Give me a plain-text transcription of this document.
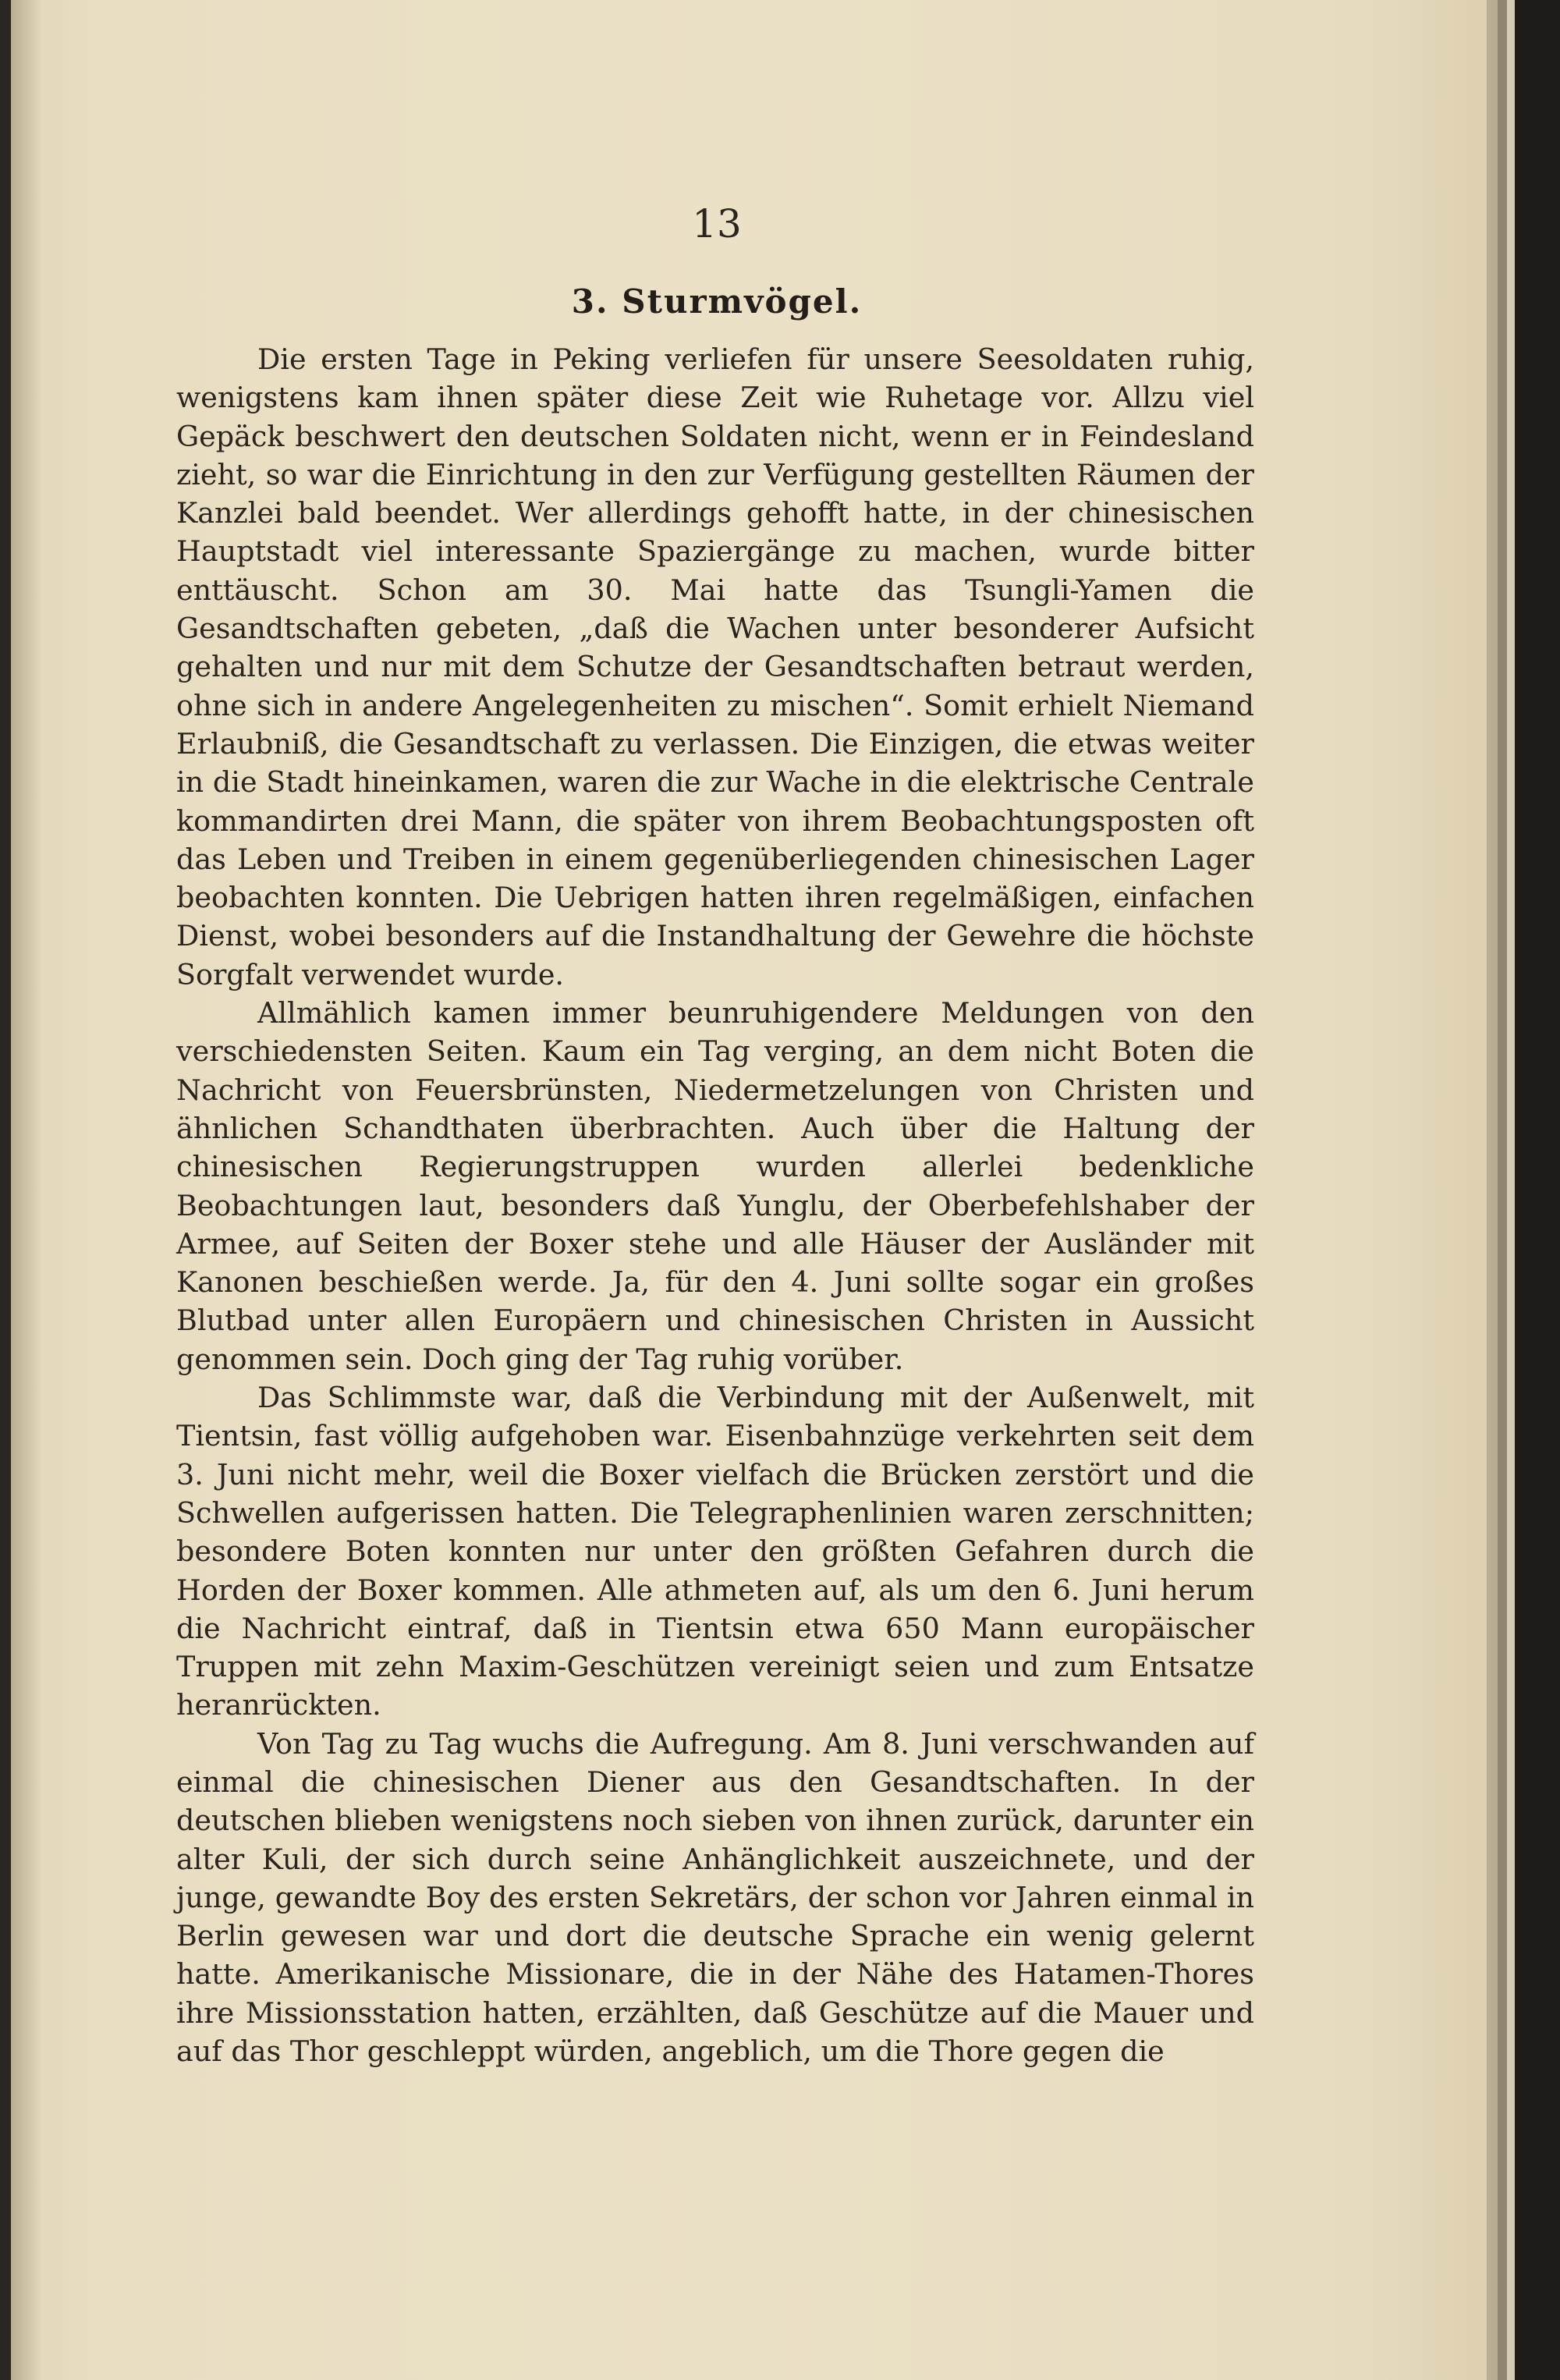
13
3. Sturmvögel.

Die ersten Tage in Peking verliefen für unsere Seesoldaten ruhig, wenigstens kam ihnen später diese Zeit wie Ruhetage vor. Allzu viel Gepäck beschwert den deutschen Soldaten nicht, wenn er in Feindesland zieht, so war die Einrichtung in den zur Verfügung gestellten Räumen der Kanzlei bald beendet. Wer allerdings gehofft hatte, in der chinesischen Hauptstadt viel interessante Spaziergänge zu machen, wurde bitter enttäuscht. Schon am 30. Mai hatte das Tsungli-Yamen die Gesandtschaften gebeten, „daß die Wachen unter besonderer Aufsicht gehalten und nur mit dem Schutze der Gesandtschaften betraut werden, ohne sich in andere Angelegenheiten zu mischen“. Somit erhielt Niemand Erlaubniß, die Gesandtschaft zu verlassen. Die Einzigen, die etwas weiter in die Stadt hineinkamen, waren die zur Wache in die elektrische Centrale kommandirten drei Mann, die später von ihrem Beobachtungsposten oft das Leben und Treiben in einem gegenüberliegenden chinesischen Lager beobachten konnten. Die Uebrigen hatten ihren regelmäßigen, einfachen Dienst, wobei besonders auf die Instandhaltung der Gewehre die höchste Sorgfalt verwendet wurde.

Allmählich kamen immer beunruhigendere Meldungen von den verschiedensten Seiten. Kaum ein Tag verging, an dem nicht Boten die Nachricht von Feuersbrünsten, Niedermetzelungen von Christen und ähnlichen Schandthaten überbrachten. Auch über die Haltung der chinesischen Regierungstruppen wurden allerlei bedenkliche Beobachtungen laut, besonders daß Yunglu, der Oberbefehlshaber der Armee, auf Seiten der Boxer stehe und alle Häuser der Ausländer mit Kanonen beschießen werde. Ja, für den 4. Juni sollte sogar ein großes Blutbad unter allen Europäern und chinesischen Christen in Aussicht genommen sein. Doch ging der Tag ruhig vorüber.

Das Schlimmste war, daß die Verbindung mit der Außenwelt, mit Tientsin, fast völlig aufgehoben war. Eisenbahnzüge verkehrten seit dem 3. Juni nicht mehr, weil die Boxer vielfach die Brücken zerstört und die Schwellen aufgerissen hatten. Die Telegraphenlinien waren zerschnitten; besondere Boten konnten nur unter den größten Gefahren durch die Horden der Boxer kommen. Alle athmeten auf, als um den 6. Juni herum die Nachricht eintraf, daß in Tientsin etwa 650 Mann europäischer Truppen mit zehn Maxim-Geschützen vereinigt seien und zum Entsatze heranrückten.

Von Tag zu Tag wuchs die Aufregung. Am 8. Juni verschwanden auf einmal die chinesischen Diener aus den Gesandtschaften. In der deutschen blieben wenigstens noch sieben von ihnen zurück, darunter ein alter Kuli, der sich durch seine Anhänglichkeit auszeichnete, und der junge, gewandte Boy des ersten Sekretärs, der schon vor Jahren einmal in Berlin gewesen war und dort die deutsche Sprache ein wenig gelernt hatte. Amerikanische Missionare, die in der Nähe des Hatamen-Thores ihre Missionsstation hatten, erzählten, daß Geschütze auf die Mauer und auf das Thor geschleppt würden, angeblich, um die Thore gegen die
